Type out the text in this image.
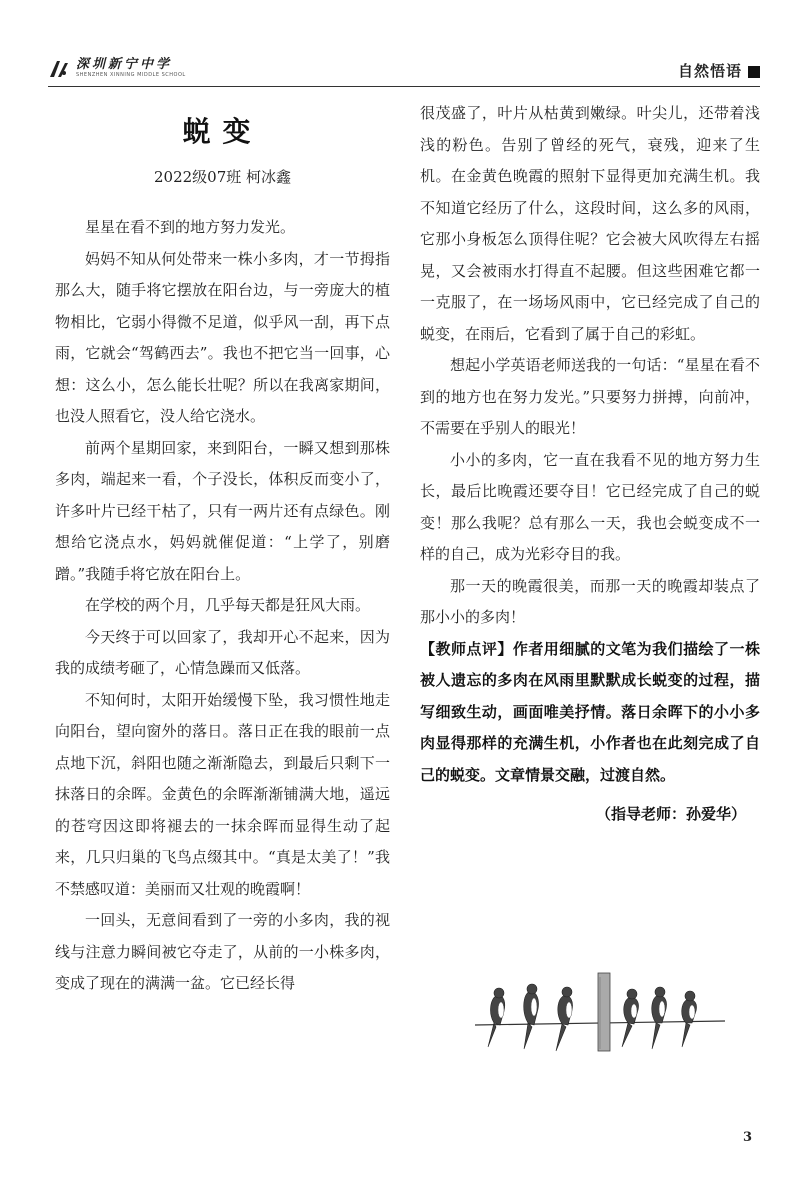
深圳新宁中学
SHENZHEN XINNING MIDDLE SCHOOL	自然悟语
蜕变
2022级07班 柯冰鑫

星星在看不到的地方努力发光。

妈妈不知从何处带来一株小多肉，才一节拇指那么大，随手将它摆放在阳台边，与一旁庞大的植物相比，它弱小得微不足道，似乎风一刮，再下点雨，它就会“驾鹤西去”。我也不把它当一回事，心想：这么小，怎么能长壮呢？所以在我离家期间，也没人照看它，没人给它浇水。

前两个星期回家，来到阳台，一瞬又想到那株多肉，端起来一看，个子没长，体积反而变小了，许多叶片已经干枯了，只有一两片还有点绿色。刚想给它浇点水，妈妈就催促道：“上学了，别磨蹭。”我随手将它放在阳台上。

在学校的两个月，几乎每天都是狂风大雨。

今天终于可以回家了，我却开心不起来，因为我的成绩考砸了，心情急躁而又低落。

不知何时，太阳开始缓慢下坠，我习惯性地走向阳台，望向窗外的落日。落日正在我的眼前一点点地下沉，斜阳也随之渐渐隐去，到最后只剩下一抹落日的余晖。金黄色的余晖渐渐铺满大地，遥远的苍穹因这即将褪去的一抹余晖而显得生动了起来，几只归巢的飞鸟点缀其中。“真是太美了！”我不禁感叹道：美丽而又壮观的晚霞啊！

一回头，无意间看到了一旁的小多肉，我的视线与注意力瞬间被它夺走了，从前的一小株多肉，变成了现在的满满一盆。它已经长得

很茂盛了，叶片从枯黄到嫩绿。叶尖儿，还带着浅浅的粉色。告别了曾经的死气，衰残，迎来了生机。在金黄色晚霞的照射下显得更加充满生机。我不知道它经历了什么，这段时间，这么多的风雨，它那小身板怎么顶得住呢？它会被大风吹得左右摇晃，又会被雨水打得直不起腰。但这些困难它都一一克服了，在一场场风雨中，它已经完成了自己的蜕变，在雨后，它看到了属于自己的彩虹。

想起小学英语老师送我的一句话：“星星在看不到的地方也在努力发光。”只要努力拼搏，向前冲，不需要在乎别人的眼光！

小小的多肉，它一直在我看不见的地方努力生长，最后比晚霞还要夺目！它已经完成了自己的蜕变！那么我呢？总有那么一天，我也会蜕变成不一样的自己，成为光彩夺目的我。

那一天的晚霞很美，而那一天的晚霞却装点了那小小的多肉！

【教师点评】作者用细腻的文笔为我们描绘了一株被人遗忘的多肉在风雨里默默成长蜕变的过程，描写细致生动，画面唯美抒情。落日余晖下的小小多肉显得那样的充满生机，小作者也在此刻完成了自己的蜕变。文章情景交融，过渡自然。
（指导老师：孙爱华）
3
